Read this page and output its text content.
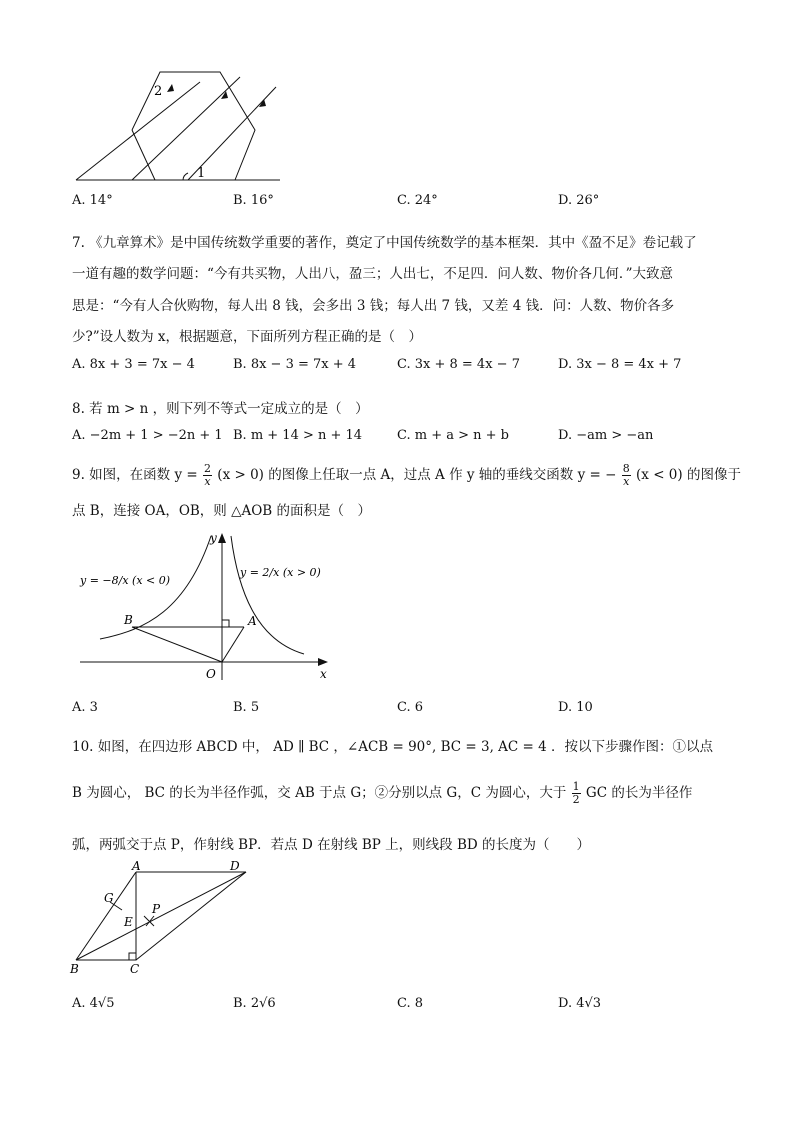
1
2
A. 14°	B. 16°	C. 24°	D. 26°
7. 《九章算术》是中国传统数学重要的著作，奠定了中国传统数学的基本框架．其中《盈不足》卷记载了
一道有趣的数学问题：“今有共买物，人出八，盈三；人出七，不足四．问人数、物价各几何．”大致意
思是：“今有人合伙购物，每人出 8 钱，会多出 3 钱；每人出 7 钱，又差 4 钱．问：人数、物价各多
少?”设人数为 x，根据题意，下面所列方程正确的是（　）
A. 8x + 3 = 7x − 4	B. 8x − 3 = 7x + 4	C. 3x + 8 = 4x − 7	D. 3x − 8 = 4x + 7
8. 若 m > n ，则下列不等式一定成立的是（　）
A. −2m + 1 > −2n + 1 B. m + 14 > n + 14	C. m + a > n + b	D. −am > −an
9. 如图，在函数 $y = \frac{2}{x} (x > 0)$ 的图像上任取一点 A，过点 A 作 y 轴的垂线交函数 y = − $\frac{8}{x} (x < 0)$ 的图像于
点 B，连接 OA，OB，则 △AOB 的面积是（　）
y = −8/x (x < 0)
y = 2/x (x > 0)
x
y
A
B
O
A. 3	B. 5	C. 6	D. 10
10. 如图，在四边形 ABCD 中， AD ∥ BC ，∠ACB = 90°, BC = 3, AC = 4 ．按以下步骤作图：①以点
B 为圆心， BC 的长为半径作弧，交 AB 于点 G；②分别以点 G，C 为圆心，大于 $\frac{1}{2}$ GC 的长为半径作
弧，两弧交于点 P，作射线 BP．若点 D 在射线 BP 上，则线段 BD 的长度为（　　）
A	D
B	C
E
G
P
A. 4√5	B. 2√6	C. 8	D. 4√3
